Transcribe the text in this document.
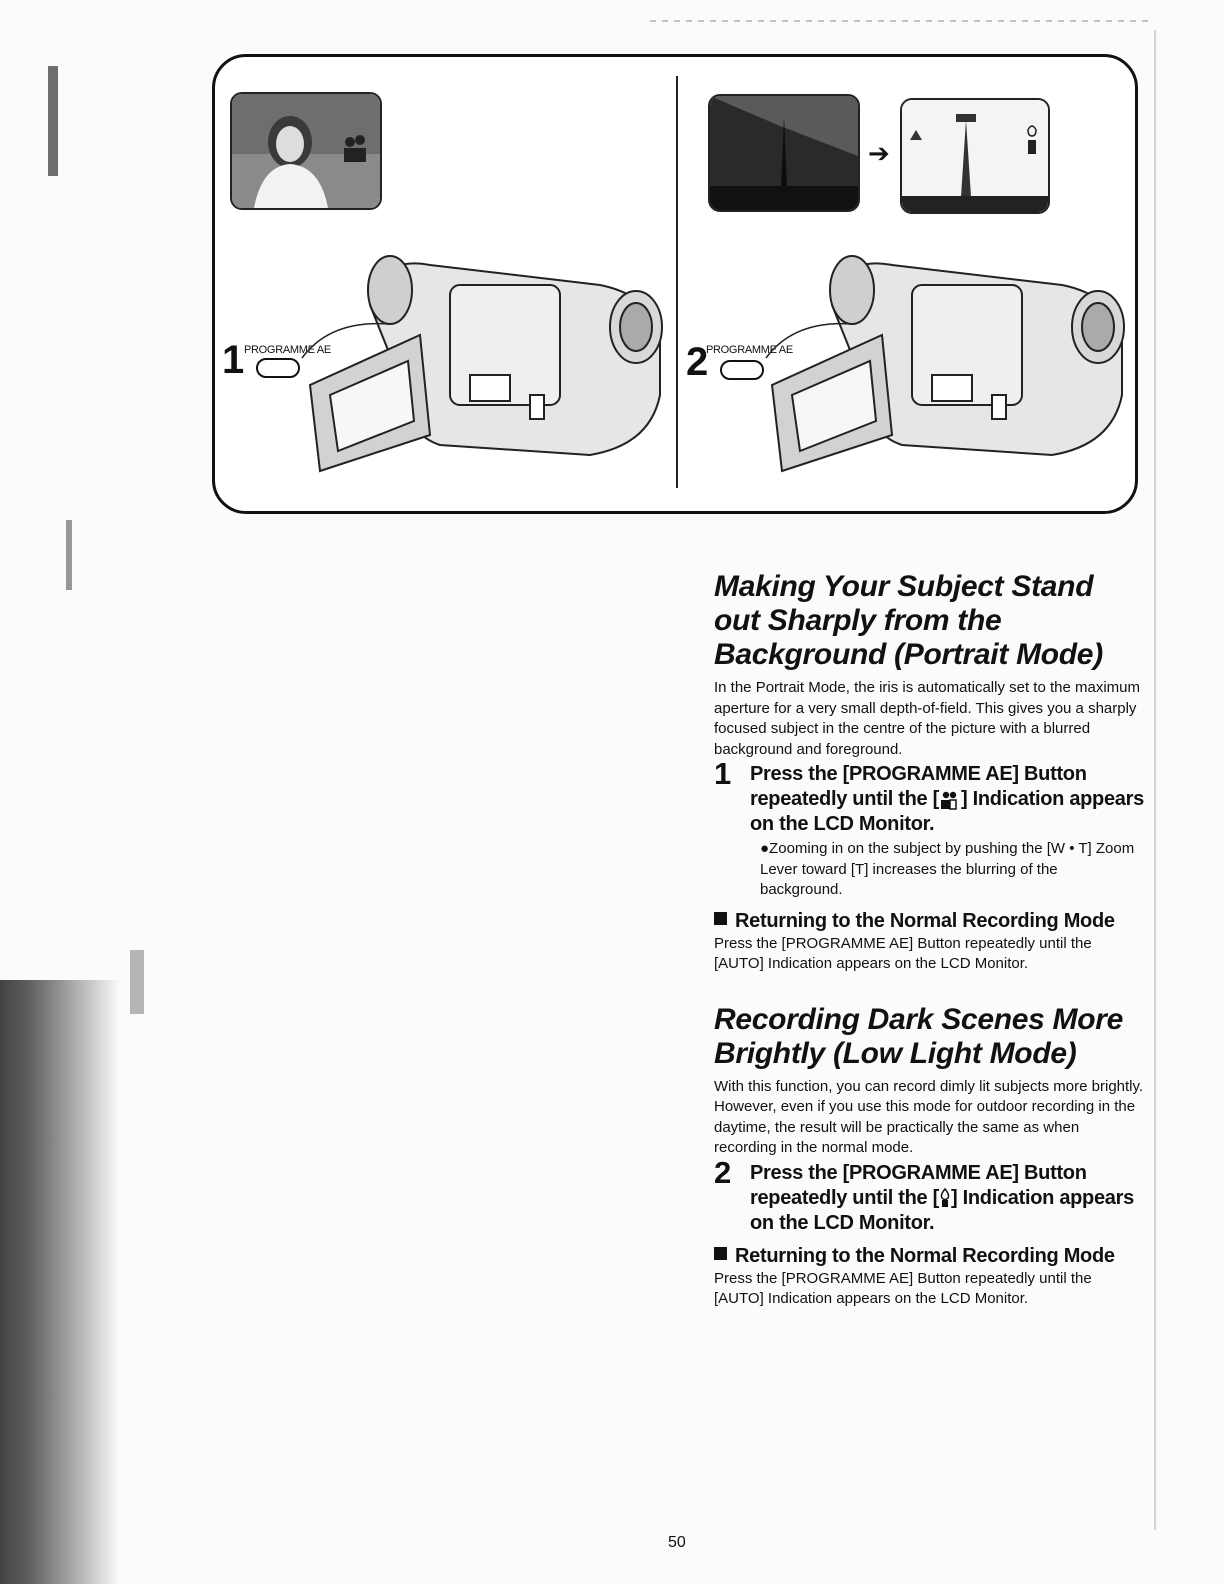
➔
1 PROGRAMME AE	2
PROGRAMME AE
Making Your Subject Stand out Sharply from the Background (Portrait Mode)

In the Portrait Mode, the iris is automatically set to the maximum aperture for a very small depth-of-field. This gives you a sharply focused subject in the centre of the picture with a blurred background and foreground.

1 Press the [PROGRAMME AE] Button repeatedly until the [ ] Indication appears on the LCD Monitor.

●Zooming in on the subject by pushing the [W • T] Zoom Lever toward [T] increases the blurring of the background.

Returning to the Normal Recording Mode

Press the [PROGRAMME AE] Button repeatedly until the [AUTO] Indication appears on the LCD Monitor.

Recording Dark Scenes More Brightly (Low Light Mode)

With this function, you can record dimly lit subjects more brightly. However, even if you use this mode for outdoor recording in the daytime, the result will be practically the same as when recording in the normal mode.

2 Press the [PROGRAMME AE] Button repeatedly until the [ ] Indication appears on the LCD Monitor.
Returning to the Normal Recording Mode

Press the [PROGRAMME AE] Button repeatedly until the [AUTO] Indication appears on the LCD Monitor.

50
